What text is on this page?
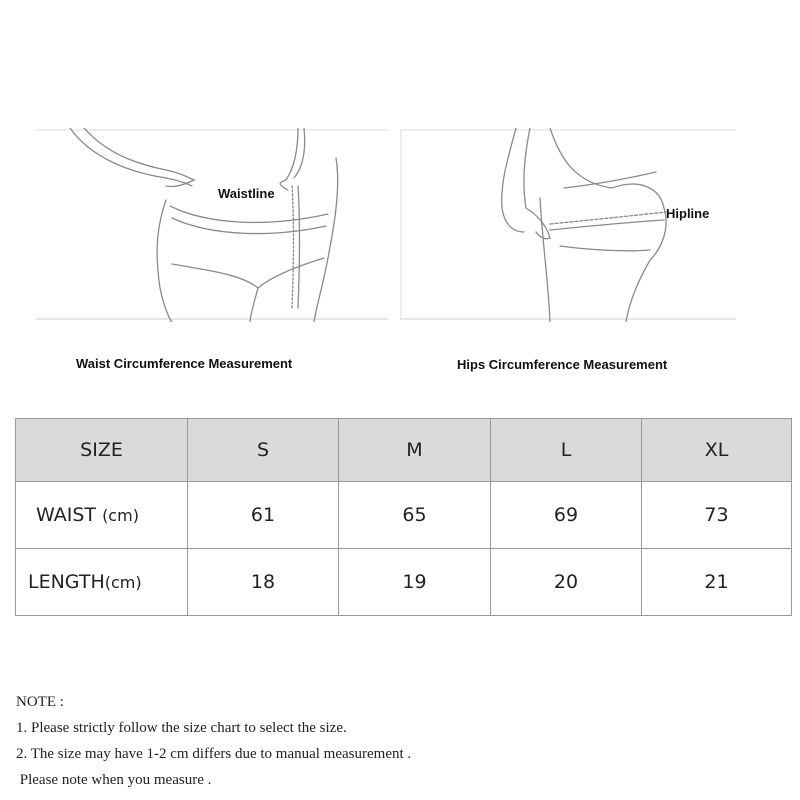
Waistline
Hipline
Waist Circumference Measurement	Hips Circumference Measurement
SIZE	S	M	L	XL
WAIST (cm)	61	65	69	73
LENGTH(cm)	18	19	20	21
NOTE :
1. Please strictly follow the size chart to select the size.
2. The size may have 1-2 cm differs due to manual measurement .
Please note when you measure .
